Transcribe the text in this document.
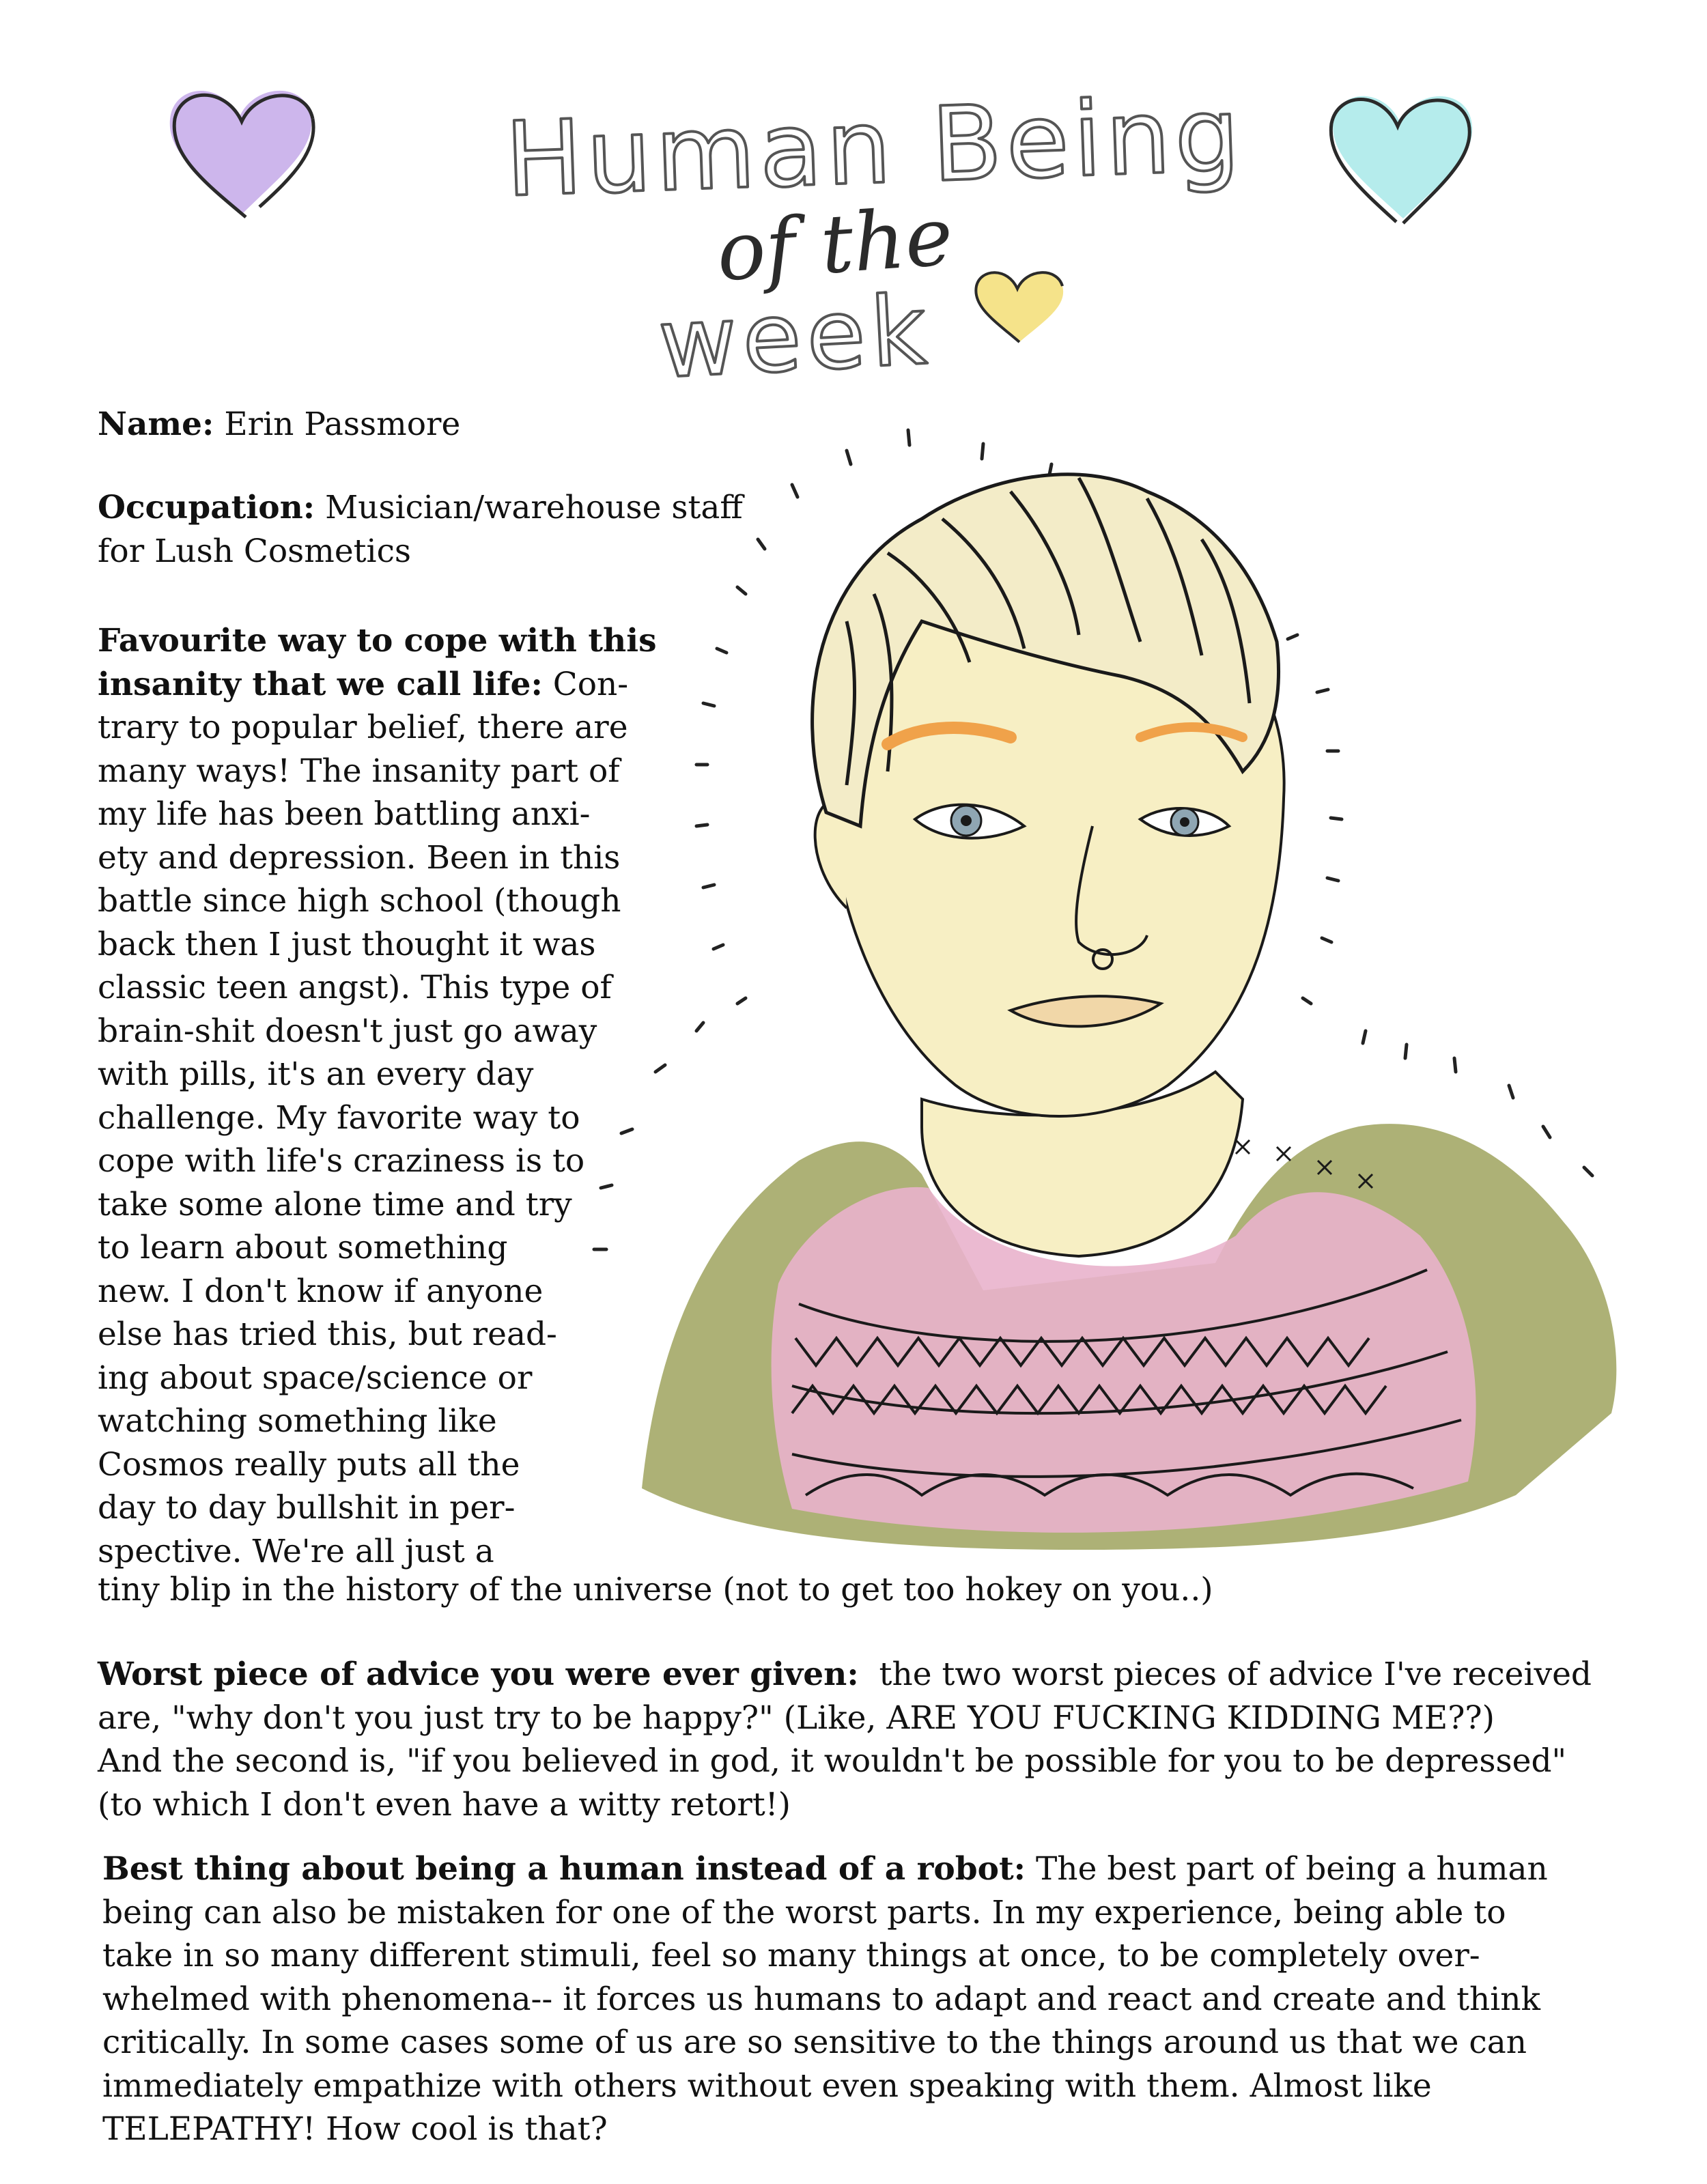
Human Being
of the
week

Name: Erin Passmore

Occupation: Musician/warehouse staff
for Lush Cosmetics

Favourite way to cope with this
insanity that we call life: Con-
trary to popular belief, there are
many ways! The insanity part of
my life has been battling anxi-
ety and depression. Been in this
battle since high school (though
back then I just thought it was
classic teen angst). This type of
brain-shit doesn't just go away
with pills, it's an every day
challenge. My favorite way to
cope with life's craziness is to
take some alone time and try
to learn about something
new. I don't know if anyone
else has tried this, but read-
ing about space/science or
watching something like
Cosmos really puts all the
day to day bullshit in per-
spective. We're all just a

tiny blip in the history of the universe (not to get too hokey on you..)

Worst piece of advice you were ever given:  the two worst pieces of advice I've received
are, "why don't you just try to be happy?" (Like, ARE YOU FUCKING KIDDING ME??)
And the second is, "if you believed in god, it wouldn't be possible for you to be depressed"
(to which I don't even have a witty retort!)

Best thing about being a human instead of a robot: The best part of being a human
being can also be mistaken for one of the worst parts. In my experience, being able to
take in so many different stimuli, feel so many things at once, to be completely over-
whelmed with phenomena-- it forces us humans to adapt and react and create and think
critically. In some cases some of us are so sensitive to the things around us that we can
immediately empathize with others without even speaking with them. Almost like
TELEPATHY! How cool is that?
